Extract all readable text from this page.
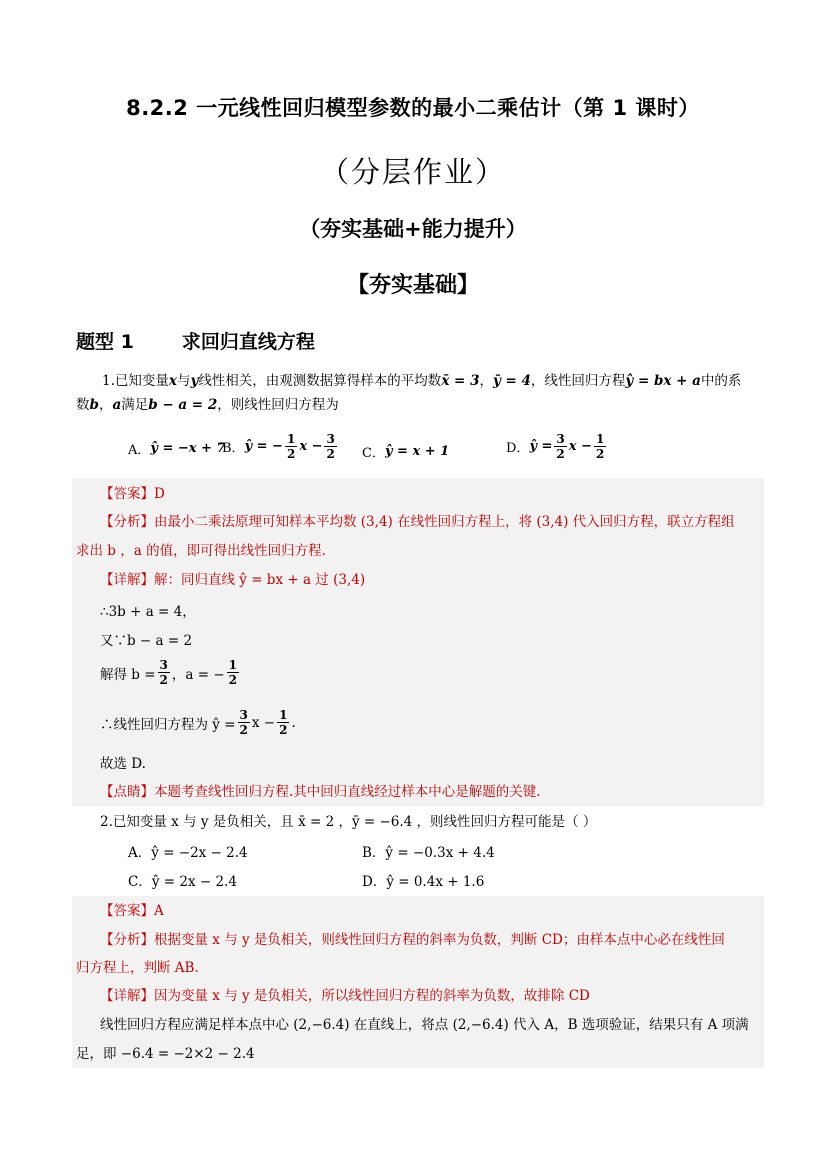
8.2.2 一元线性回归模型参数的最小二乘估计（第 1 课时）
（分层作业）
（夯实基础+能力提升）
【夯实基础】
题型 1	求回归直线方程
1.已知变量x与y线性相关，由观测数据算得样本的平均数x̄ = 3，ȳ = 4，线性回归方程ŷ = bx + a中的系
数b，a满足b − a = 2，则线性回归方程为
A． ŷ = −x + 7
B． ŷ = − $\frac{1}{2}$ $x - \frac{3}{2}$ C． ŷ = x + 1	D． ŷ = $\frac{3}{2}$ $x - \frac{1}{2}$
【答案】D
【分析】由最小二乘法原理可知样本平均数 (3,4) 在线性回归方程上，将 (3,4) 代入回归方程，联立方程组
求出 b ，a 的值，即可得出线性回归方程.
【详解】解：同归直线 ŷ = bx + a 过 (3,4)
∴3b + a = 4，
又∵b − a = 2
解得 $b = \frac{3}{2}$ ，a = − $\frac{1}{2}$
∴线性回归方程为 ŷ = $\frac{3}{2}$ $x - \frac{1}{2}$ .
故选 D.
【点睛】本题考查线性回归方程.其中回归直线经过样本中心是解题的关键.
2.已知变量 x 与 y 是负相关，且 x̄ = 2 ，ȳ = −6.4 ，则线性回归方程可能是（ ）
A．ŷ = −2x − 2.4	B．ŷ = −0.3x + 4.4
C．ŷ = 2x − 2.4	D．ŷ = 0.4x + 1.6
【答案】A
【分析】根据变量 x 与 y 是负相关，则线性回归方程的斜率为负数，判断 CD；由样本点中心必在线性回
归方程上，判断 AB.
【详解】因为变量 x 与 y 是负相关，所以线性回归方程的斜率为负数，故排除 CD
线性回归方程应满足样本点中心 (2,−6.4) 在直线上，将点 (2,−6.4) 代入 A，B 选项验证，结果只有 A 项满
足，即 −6.4 = −2×2 − 2.4
